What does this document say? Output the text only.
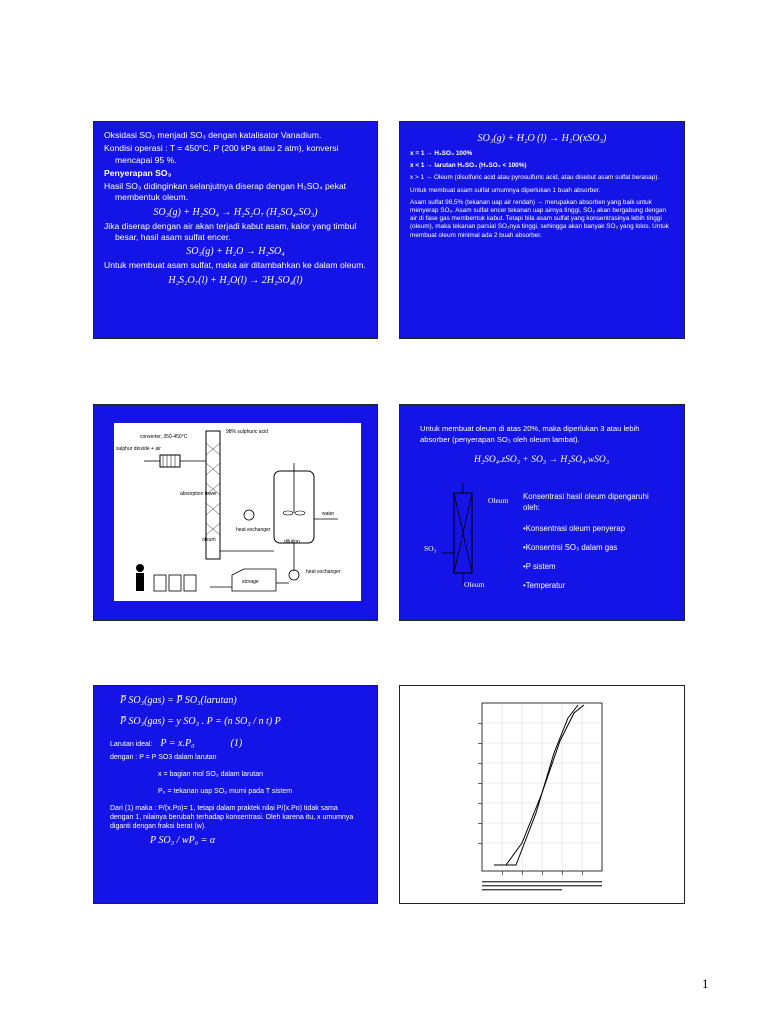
Oksidasi SO₂ menjadi SO₃ dengan katalisator Vanadium.

Kondisi operasi : T = 450°C, P (200 kPa atau 2 atm), konversi mencapai 95 %.

Penyerapan SO₃

Hasil SO₃ didinginkan selanjutnya diserap dengan H₂SO₄ pekat membentuk oleum.

SO₃(g) + H₂SO₄ → H₂S₂O₇ (H₂SO₄.SO₃)

Jika diserap dengan air akan terjadi kabut asam, kalor yang timbul besar, hasil asam sulfat encer.

SO₃(g) + H₂O → H₂SO₄

Untuk membuat asam sulfat, maka air ditambahkan ke dalam oleum.

H₂S₂O₇(l) + H₂O(l) → 2H₂SO₄(l)

SO₃(g) + H₂O (l) → H₂O(xSO₃)

x = 1 → H₂SO₄ 100%

x < 1 → larutan H₂SO₄ (H₂SO₄ < 100%)

x > 1 → Oleum (disulfuric acid atau pyrosulfuric acid, atau disebut asam sulfat berasap).

Untuk membuat asam sulfat umumnya diperlukan 1 buah absorber.

Asam sulfat 98,5% (tekanan uap air rendah) → merupakan absorben yang baik untuk menyerap SO₃. Asam sulfat encer tekanan uap airnya tinggi, SO₃ akan bergabung dengan air di fase gas membentuk kabut. Tetapi bila asam sulfat yang konsentrasinya lebih tinggi (oleum), maka tekanan parsial SO₃nya tinggi, sehingga akan banyak SO₃ yang lolos. Untuk membuat oleum minimal ada 2 buah absorber.

converter, 350-450°C
sulphur dioxide + air
98% sulphuric acid
absorption tower
oleum
heat exchanger
dilution
water
heat exchanger
storage
Untuk membuat oleum di atas 20%, maka diperlukan 3 atau lebih absorber (penyerapan SO₃ oleh oleum lambat).
H₂SO₄.zSO₃ + SO₃ → H₂SO₄.wSO₃
Oleum
SO₃
Oleum
Konsentrasi hasil oleum dipengaruhi oleh:
•Konsentrasi oleum penyerap
•Konsentrsi SO₃ dalam gas
•P sistem
•Temperatur

P̅ SO₃(gas) = P̅ SO₃(larutan)

P̅ SO₃(gas) = y SO₃ . P = (n SO₃ / n t) P

Larutan ideal: P = x.P₀	(1)

dengan : P = P SO3 dalam larutan

x = bagian mol SO₃ dalam larutan

P₀ = tekanan uap SO₃ murni pada T sistem

Dari (1) maka : P/(x.Po)= 1, tetapi dalam praktek nilai P/(x.Po) tidak sama dengan 1, nilainya berubah terhadap konsentrasi. Oleh karena itu, x umumnya diganti dengan fraksi berat (w).

P SO₃ / wP₀ = α

1
